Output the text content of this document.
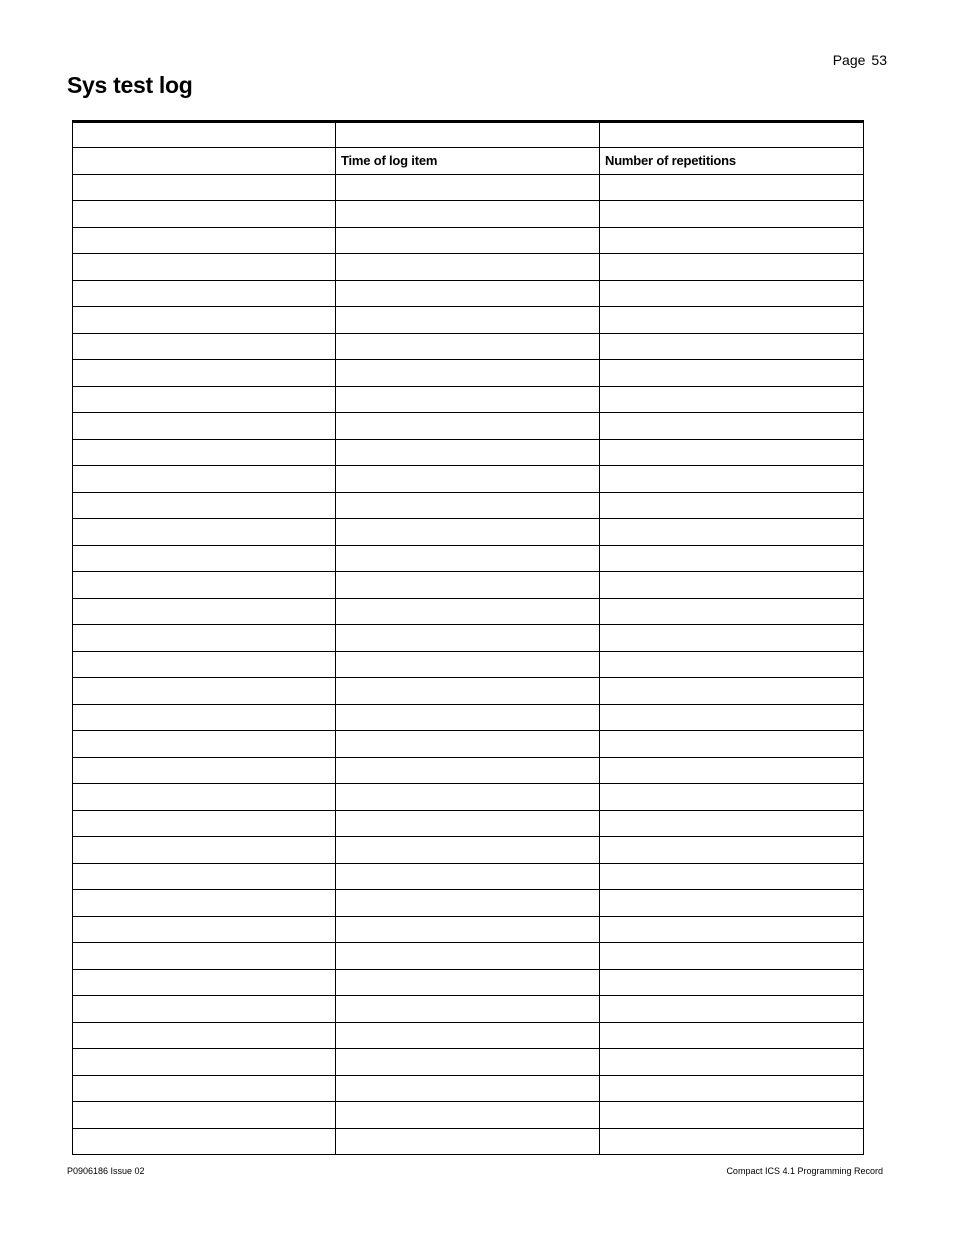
Page 53
Sys test log

	Time of log item	Number of repetitions

P0906186 Issue 02	Compact ICS 4.1 Programming Record
